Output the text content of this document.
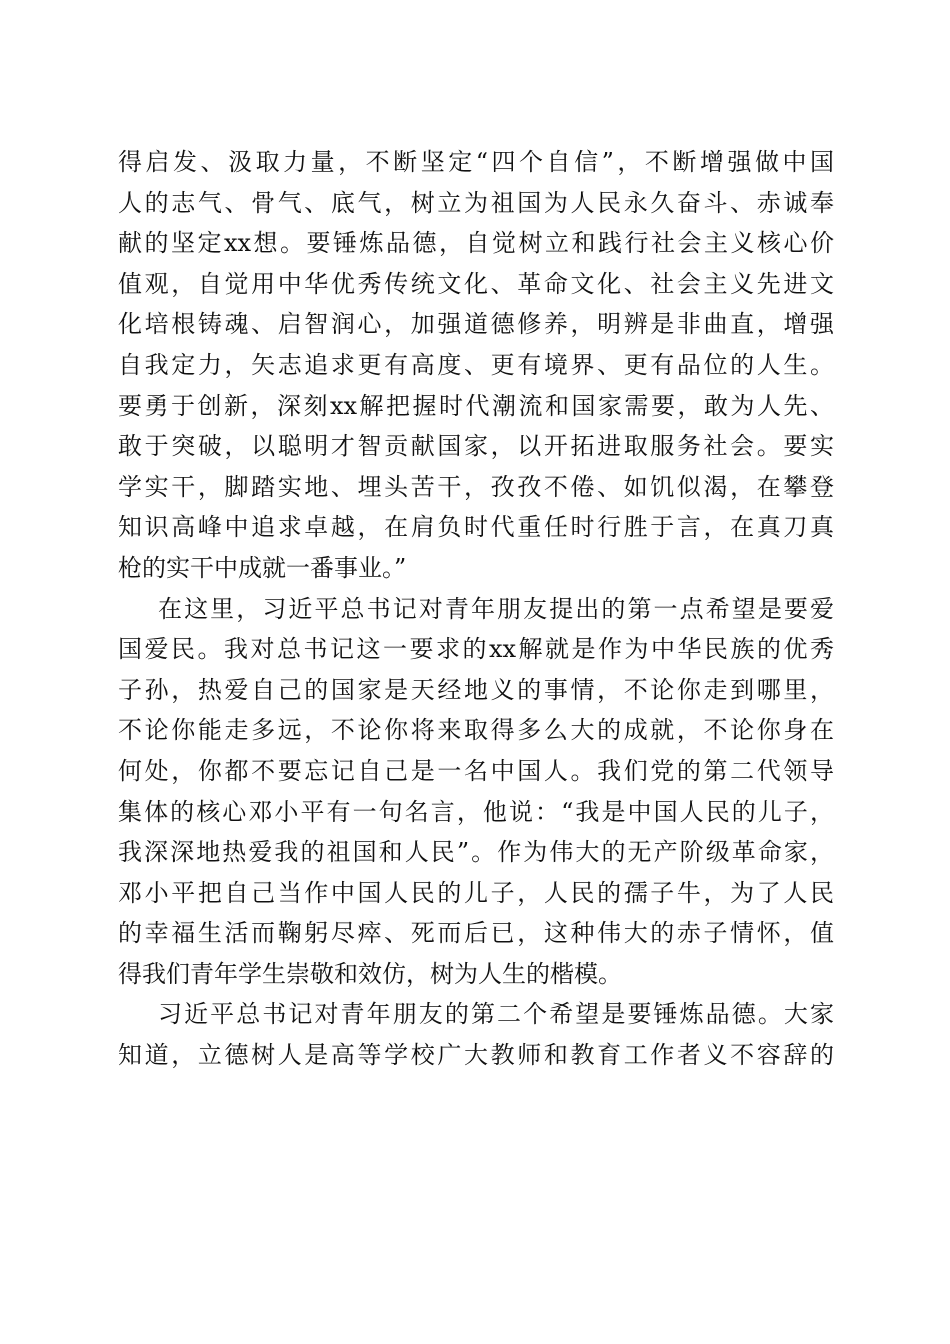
得启发、汲取力量，不断坚定“四个自信”，不断增强做中国
人的志气、骨气、底气，树立为祖国为人民永久奋斗、赤诚奉
献的坚定xx想。要锤炼品德，自觉树立和践行社会主义核心价
值观，自觉用中华优秀传统文化、革命文化、社会主义先进文
化培根铸魂、启智润心，加强道德修养，明辨是非曲直，增强
自我定力，矢志追求更有高度、更有境界、更有品位的人生。
要勇于创新，深刻xx解把握时代潮流和国家需要，敢为人先、
敢于突破，以聪明才智贡献国家，以开拓进取服务社会。要实
学实干，脚踏实地、埋头苦干，孜孜不倦、如饥似渴，在攀登
知识高峰中追求卓越，在肩负时代重任时行胜于言，在真刀真
枪的实干中成就一番事业。”
在这里，习近平总书记对青年朋友提出的第一点希望是要爱
国爱民。我对总书记这一要求的xx解就是作为中华民族的优秀
子孙，热爱自己的国家是天经地义的事情，不论你走到哪里，
不论你能走多远，不论你将来取得多么大的成就，不论你身在
何处，你都不要忘记自己是一名中国人。我们党的第二代领导
集体的核心邓小平有一句名言，他说：“我是中国人民的儿子，
我深深地热爱我的祖国和人民”。作为伟大的无产阶级革命家，
邓小平把自己当作中国人民的儿子，人民的孺子牛，为了人民
的幸福生活而鞠躬尽瘁、死而后已，这种伟大的赤子情怀，值
得我们青年学生崇敬和效仿，树为人生的楷模。
习近平总书记对青年朋友的第二个希望是要锤炼品德。大家
知道，立德树人是高等学校广大教师和教育工作者义不容辞的
